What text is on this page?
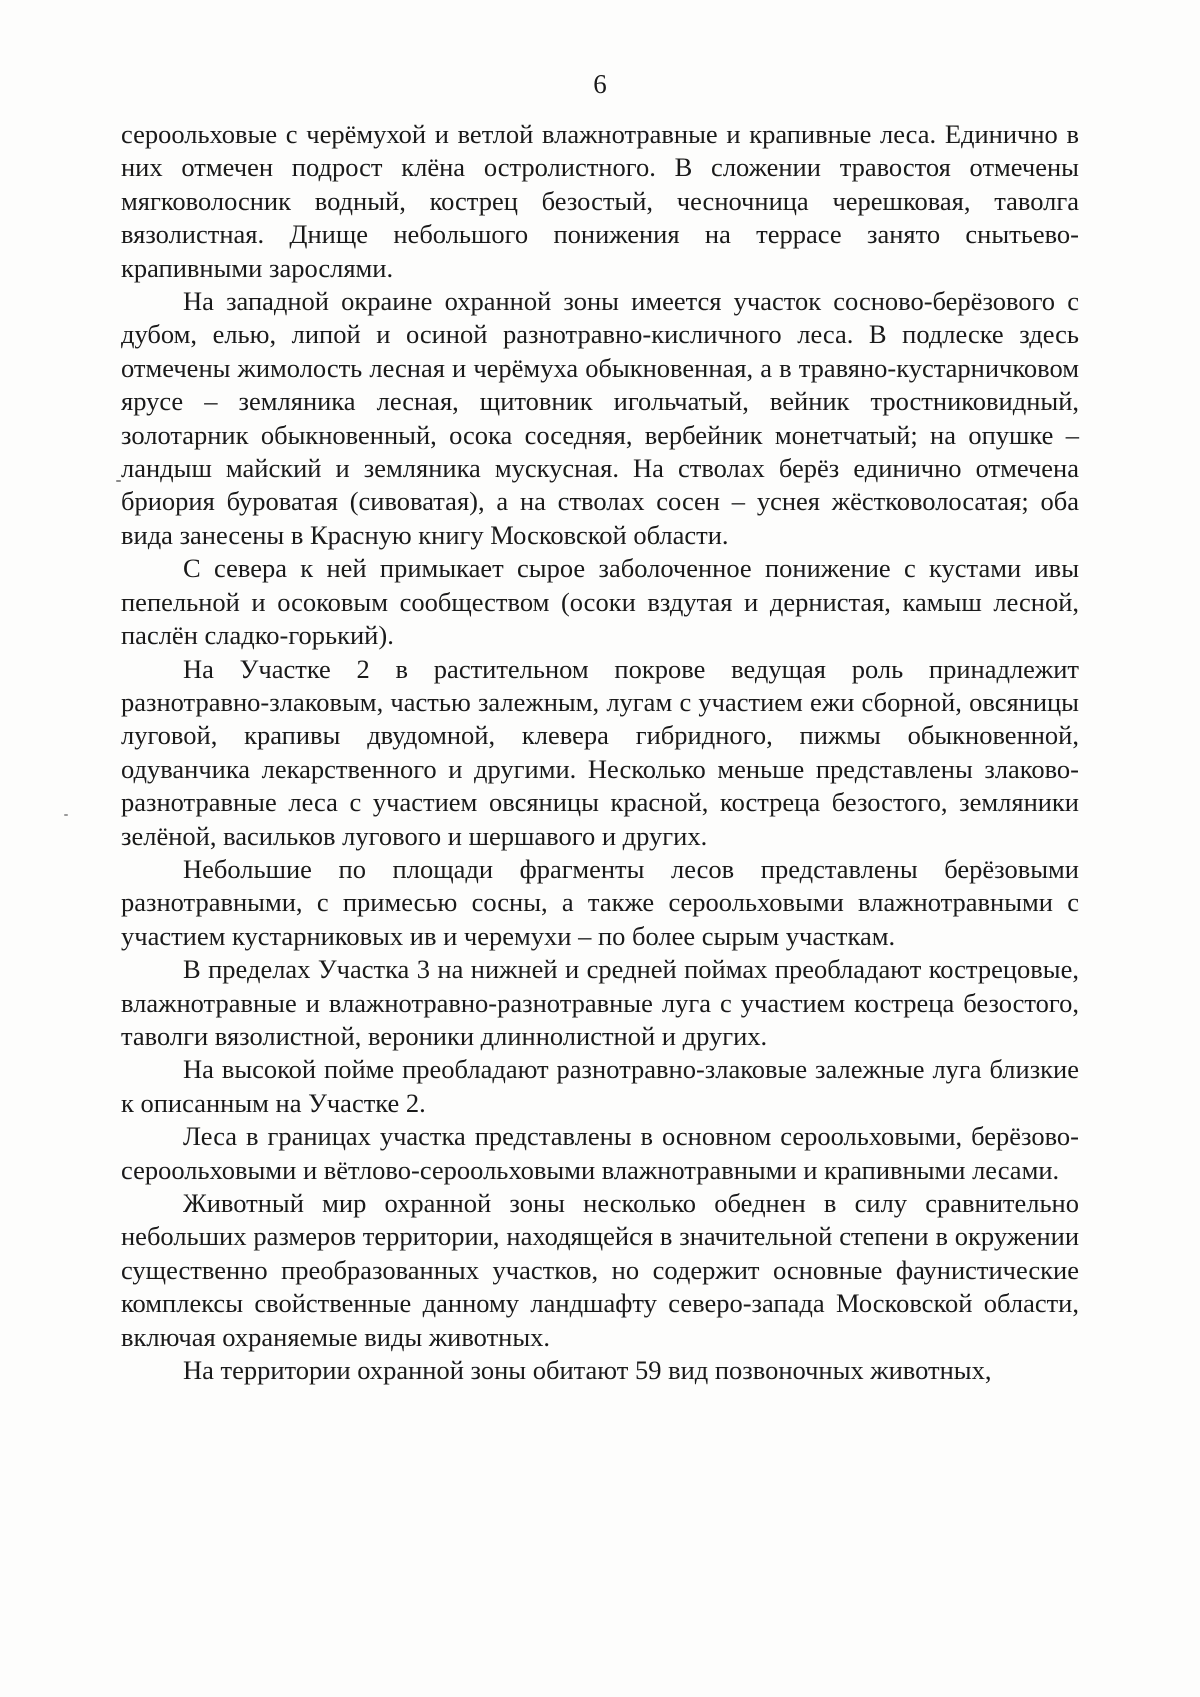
6

сероольховые с черёмухой и ветлой влажнотравные и крапивные леса. Единично в них отмечен подрост клёна остролистного. В сложении травостоя отмечены мягковолосник водный, кострец безостый, чесночница черешковая, таволга вязолистная. Днище небольшого понижения на террасе занято снытьево-крапивными зарослями.

На западной окраине охранной зоны имеется участок сосново-берёзового с дубом, елью, липой и осиной разнотравно-кисличного леса. В подлеске здесь отмечены жимолость лесная и черёмуха обыкновенная, а в травяно-кустарничковом ярусе – земляника лесная, щитовник игольчатый, вейник тростниковидный, золотарник обыкновенный, осока соседняя, вербейник монетчатый; на опушке – ландыш майский и земляника мускусная. На стволах берёз единично отмечена бриория буроватая (сивоватая), а на стволах сосен – уснея жёстковолосатая; оба вида занесены в Красную книгу Московской области.

С севера к ней примыкает сырое заболоченное понижение с кустами ивы пепельной и осоковым сообществом (осоки вздутая и дернистая, камыш лесной, паслён сладко-горький).

На Участке 2 в растительном покрове ведущая роль принадлежит разнотравно-злаковым, частью залежным, лугам с участием ежи сборной, овсяницы луговой, крапивы двудомной, клевера гибридного, пижмы обыкновенной, одуванчика лекарственного и другими. Несколько меньше представлены злаково-разнотравные леса с участием овсяницы красной, костреца безостого, земляники зелёной, васильков лугового и шершавого и других.

Небольшие по площади фрагменты лесов представлены берёзовыми разнотравными, с примесью сосны, а также сероольховыми влажнотравными с участием кустарниковых ив и черемухи – по более сырым участкам.

В пределах Участка 3 на нижней и средней поймах преобладают кострецовые, влажнотравные и влажнотравно-разнотравные луга с участием костреца безостого, таволги вязолистной, вероники длиннолистной и других.

На высокой пойме преобладают разнотравно-злаковые залежные луга близкие к описанным на Участке 2.

Леса в границах участка представлены в основном сероольховыми, берёзово-сероольховыми и вётлово-сероольховыми влажнотравными и крапивными лесами.

Животный мир охранной зоны несколько обеднен в силу сравнительно небольших размеров территории, находящейся в значительной степени в окружении существенно преобразованных участков, но содержит основные фаунистические комплексы свойственные данному ландшафту северо-запада Московской области, включая охраняемые виды животных.

На территории охранной зоны обитают 59 вид позвоночных животных,
